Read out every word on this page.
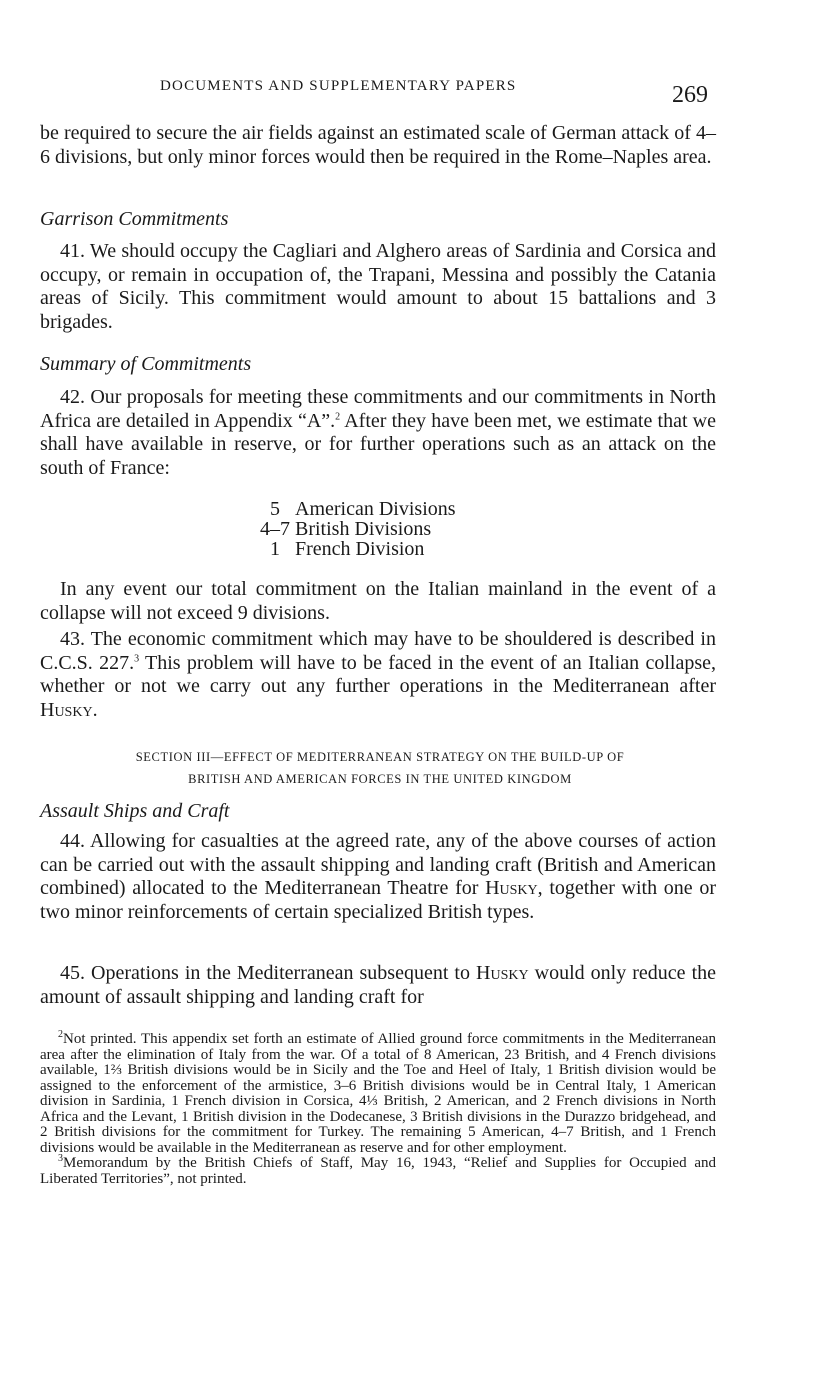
DOCUMENTS AND SUPPLEMENTARY PAPERS	269

be required to secure the air fields against an estimated scale of German attack of 4–6 divisions, but only minor forces would then be required in the Rome–Naples area.

Garrison Commitments

41. We should occupy the Cagliari and Alghero areas of Sardinia and Corsica and occupy, or remain in occupation of, the Trapani, Messina and possibly the Catania areas of Sicily. This commitment would amount to about 15 battalions and 3 brigades.

Summary of Commitments

42. Our proposals for meeting these commitments and our commitments in North Africa are detailed in Appendix “A”.$^2$ After they have been met, we estimate that we shall have available in reserve, or for further operations such as an attack on the south of France:

5 American Divisions
4–7 British Divisions
1 French Division

In any event our total commitment on the Italian mainland in the event of a collapse will not exceed 9 divisions.

43. The economic commitment which may have to be shouldered is described in C.C.S. 227.$^3$ This problem will have to be faced in the event of an Italian collapse, whether or not we carry out any further operations in the Mediterranean after Husky.

SECTION III—EFFECT OF MEDITERRANEAN STRATEGY ON THE BUILD-UP OF
BRITISH AND AMERICAN FORCES IN THE UNITED KINGDOM
Assault Ships and Craft

44. Allowing for casualties at the agreed rate, any of the above courses of action can be carried out with the assault shipping and landing craft (British and American combined) allocated to the Mediterranean Theatre for Husky, together with one or two minor reinforcements of certain specialized British types.

45. Operations in the Mediterranean subsequent to Husky would only reduce the amount of assault shipping and landing craft for

$^2$Not printed. This appendix set forth an estimate of Allied ground force commitments in the Mediterranean area after the elimination of Italy from the war. Of a total of 8 American, 23 British, and 4 French divisions available, 1⅔ British divisions would be in Sicily and the Toe and Heel of Italy, 1 British division would be assigned to the enforcement of the armistice, 3–6 British divisions would be in Central Italy, 1 American division in Sardinia, 1 French division in Corsica, 4⅓ British, 2 American, and 2 French divisions in North Africa and the Levant, 1 British division in the Dodecanese, 3 British divisions in the Durazzo bridgehead, and 2 British divisions for the commitment for Turkey. The remaining 5 American, 4–7 British, and 1 French divisions would be available in the Mediterranean as reserve and for other employment.

$^3$Memorandum by the British Chiefs of Staff, May 16, 1943, “Relief and Supplies for Occupied and Liberated Territories”, not printed.
